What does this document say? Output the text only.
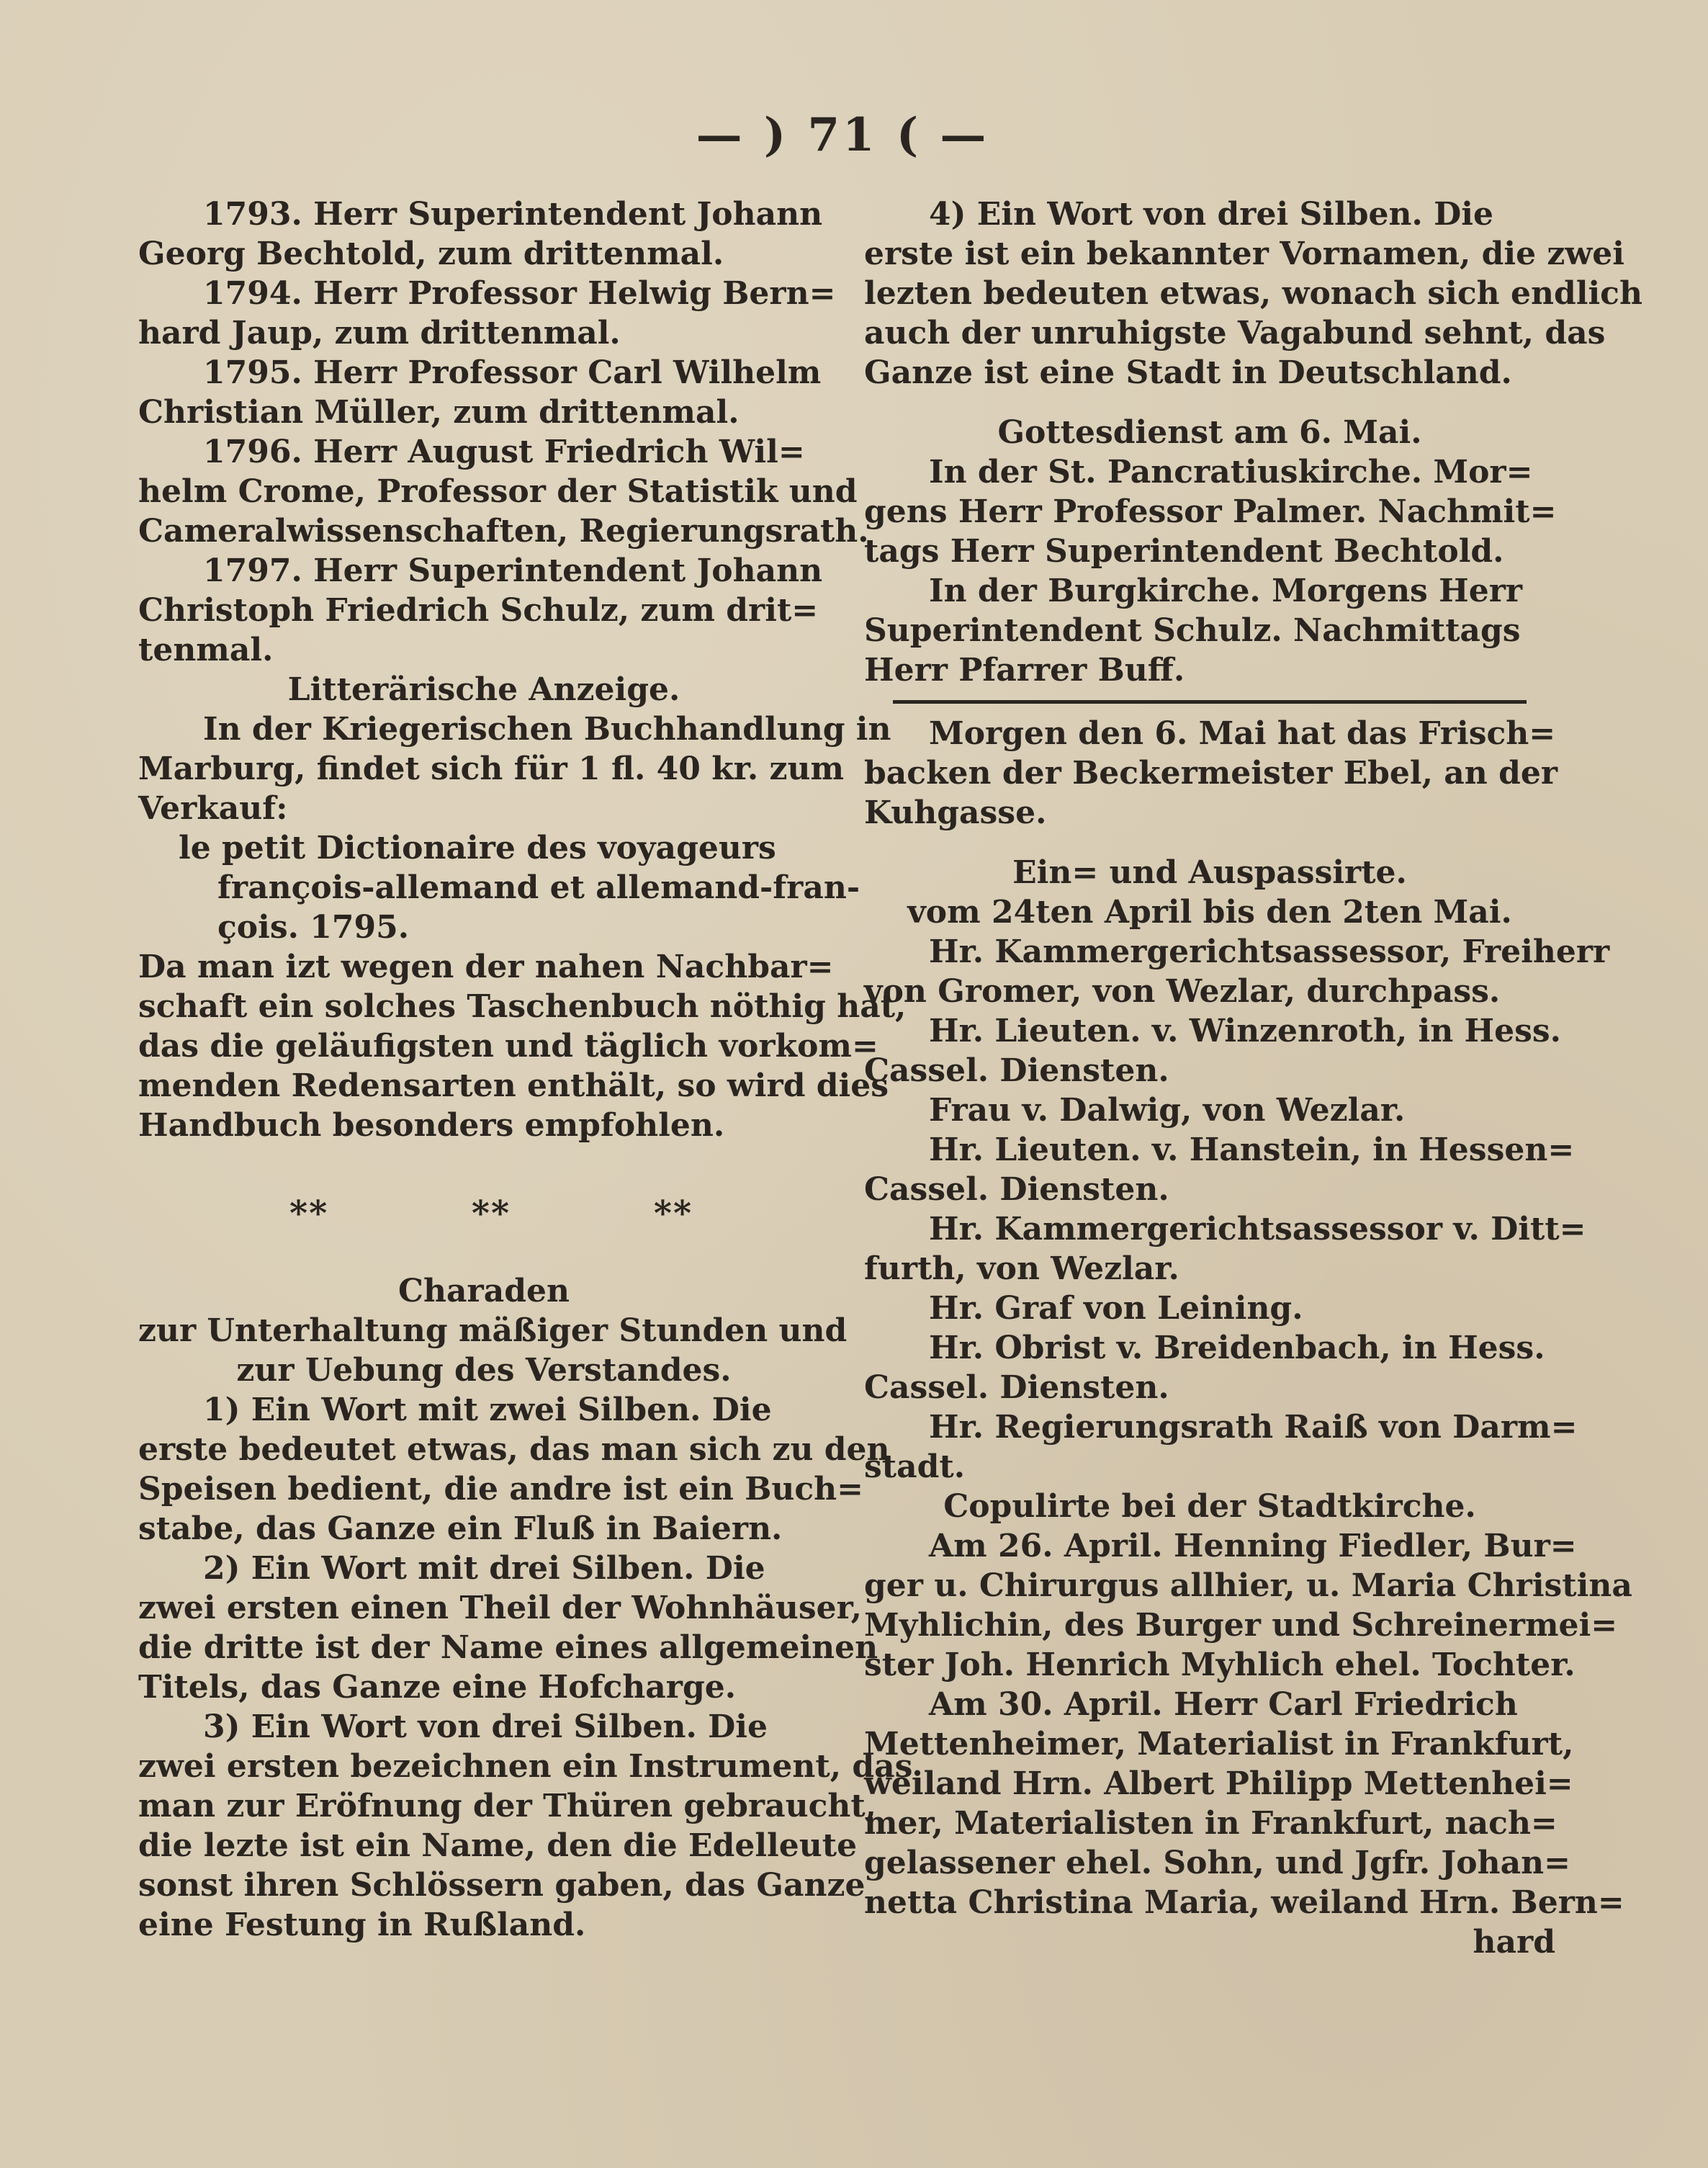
— ) 71 ( —
1793. Herr Superintendent Johann
Georg Bechtold, zum drittenmal.
1794. Herr Professor Helwig Bern=
hard Jaup, zum drittenmal.
1795. Herr Professor Carl Wilhelm
Christian Müller, zum drittenmal.
1796. Herr August Friedrich Wil=
helm Crome, Professor der Statistik und
Cameralwissenschaften, Regierungsrath.
1797. Herr Superintendent Johann
Christoph Friedrich Schulz, zum drit=
tenmal.
Litterärische Anzeige.
In der Kriegerischen Buchhandlung in
Marburg, findet sich für 1 fl. 40 kr. zum
Verkauf:
le petit Dictionaire des voyageurs
françois-allemand et allemand-fran-
çois. 1795.
Da man izt wegen der nahen Nachbar=
schaft ein solches Taschenbuch nöthig hat,
das die geläufigsten und täglich vorkom=
menden Redensarten enthält, so wird dies
Handbuch besonders empfohlen.
**	**	**
Charaden
zur Unterhaltung mäßiger Stunden und
zur Uebung des Verstandes.
1) Ein Wort mit zwei Silben. Die
erste bedeutet etwas, das man sich zu den
Speisen bedient, die andre ist ein Buch=
stabe, das Ganze ein Fluß in Baiern.
2) Ein Wort mit drei Silben. Die
zwei ersten einen Theil der Wohnhäuser,
die dritte ist der Name eines allgemeinen
Titels, das Ganze eine Hofcharge.
3) Ein Wort von drei Silben. Die
zwei ersten bezeichnen ein Instrument, das
man zur Eröfnung der Thüren gebraucht,
die lezte ist ein Name, den die Edelleute
sonst ihren Schlössern gaben, das Ganze
eine Festung in Rußland.
4) Ein Wort von drei Silben. Die
erste ist ein bekannter Vornamen, die zwei
lezten bedeuten etwas, wonach sich endlich
auch der unruhigste Vagabund sehnt, das
Ganze ist eine Stadt in Deutschland.
Gottesdienst am 6. Mai.
In der St. Pancratiuskirche. Mor=
gens Herr Professor Palmer. Nachmit=
tags Herr Superintendent Bechtold.
In der Burgkirche. Morgens Herr
Superintendent Schulz. Nachmittags
Herr Pfarrer Buff.
Morgen den 6. Mai hat das Frisch=
backen der Beckermeister Ebel, an der
Kuhgasse.
Ein= und Auspassirte.
vom 24ten April bis den 2ten Mai.
Hr. Kammergerichtsassessor, Freiherr
von Gromer, von Wezlar, durchpass.
Hr. Lieuten. v. Winzenroth, in Hess.
Cassel. Diensten.
Frau v. Dalwig, von Wezlar.
Hr. Lieuten. v. Hanstein, in Hessen=
Cassel. Diensten.
Hr. Kammergerichtsassessor v. Ditt=
furth, von Wezlar.
Hr. Graf von Leining.
Hr. Obrist v. Breidenbach, in Hess.
Cassel. Diensten.
Hr. Regierungsrath Raiß von Darm=
stadt.
Copulirte bei der Stadtkirche.
Am 26. April. Henning Fiedler, Bur=
ger u. Chirurgus allhier, u. Maria Christina
Myhlichin, des Burger und Schreinermei=
ster Joh. Henrich Myhlich ehel. Tochter.
Am 30. April. Herr Carl Friedrich
Mettenheimer, Materialist in Frankfurt,
weiland Hrn. Albert Philipp Mettenhei=
mer, Materialisten in Frankfurt, nach=
gelassener ehel. Sohn, und Jgfr. Johan=
netta Christina Maria, weiland Hrn. Bern=
hard
